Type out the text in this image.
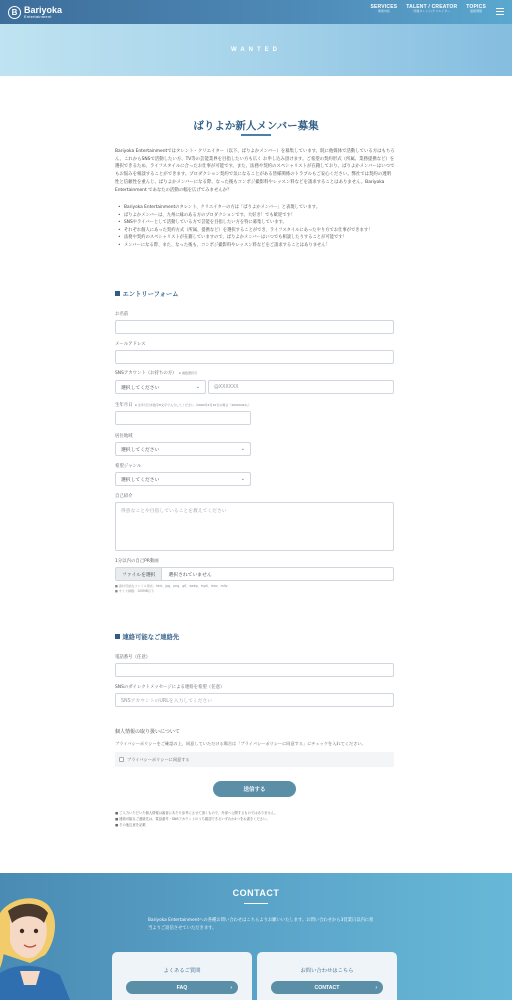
B Bariyoka
Entertainment
SERVICES
事業内容
TALENT / CREATOR
所属タレント/クリエイター
TOPICS
最新情報
WANTED
ばりよか新人メンバー募集

Bariyoka Entertainmentではタレント・クリエイター（以下、ばりよかメンバー）を募集しています。既に他媒体で活動している方はもちろん、これからSNSで活動したい方、TV等の芸能業界を目指したい方も広く お申し込み頂けます。ご希望の契約形式（所属、業務提携など）を選択できるため、ライフスタイルに合ったお仕事が可能です。また、法務や契約のスペシャリストが在籍しており、ばりよかメンバーはいつでもお悩みを相談することができます。プロダクション契約で気になることがある皆様関係のトラブルもご安心ください。弊社では契約の透明性と信頼性を重んじ、ばりよかメンバーになる際、なった後もコンポジ撮影料やレッスン料などを請求することはありません。Bariyoka Entertainment であなたの活動の幅を広げてみませんか？

• Bariyoka Entertainmentのタレント、クリエイターの方は「ばりよかメンバー」と表現しています。
• ばりよかメンバーは、九州に縁のある方のプロダクションです。大好き！でも歓迎です！
• SNSやライバーとして活動している方で芸能を目指したい方を特に募集しています。
• それぞれ個人にあった契約方式（所属、提携など）を選択することができ、ライフスタイルにあったやり方でお仕事ができます！
• 法務や契約のスペシャリストが在籍していますので、ばりよかメンバーはいつでも相談したりすることが可能です！
• メンバーになる際、また、なった後も、コンポジ撮影料やレッスン料などをご請求することはありません！
エントリーフォーム
お名前
メールアドレス
SNSアカウント（お持ちの方） ※ 複数選択可
選択してください	⌄	@XXXXXX
生年月日 ※ 生年月日を数字8文字で入力してください（2000年4月10日の場合「20000410」）
居住地域
選択してください	⌄
希望ジャンル
選択してください	⌄
自己紹介
得意なことや目指していることを教えてください
1分以内の自己PR動画
ファイルを選択	選択されていません
■ 添付可能なファイル形式：heic、jpg、png、gif、webp、mp4、mov、m4v
■ サイズ制限：100MB以下
連絡可能なご連絡先
電話番号（任意）
SNSのダイレクトメッセージによる連絡を希望（任意）
SNSアカウントのURLを入力してください
個人情報の取り扱いについて
プライバシーポリシーをご確認の上、同意していただける場合は「プライバシーポリシーに同意する」にチェックを入れてください。
プライバシーポリシーに同意する
送信する
■ ご入力いただいた個人情報は審査にあたり参考にさせて頂くもので、外部へ公開するものではありません。
■ 連絡可能なご連絡先は、電話番号・SNSアカウントのうち確認できるいずれか1つをお書きください。
■ その他注意を記載
CONTACT
Bariyoka Entertainmentへの各種お問い合わせはこちらよりお願いいたします。お問い合わせから3営業日以内に担当よりご返信させていただきます。
よくあるご質問
FAQ	›
お問い合わせはこちら
CONTACT	›
